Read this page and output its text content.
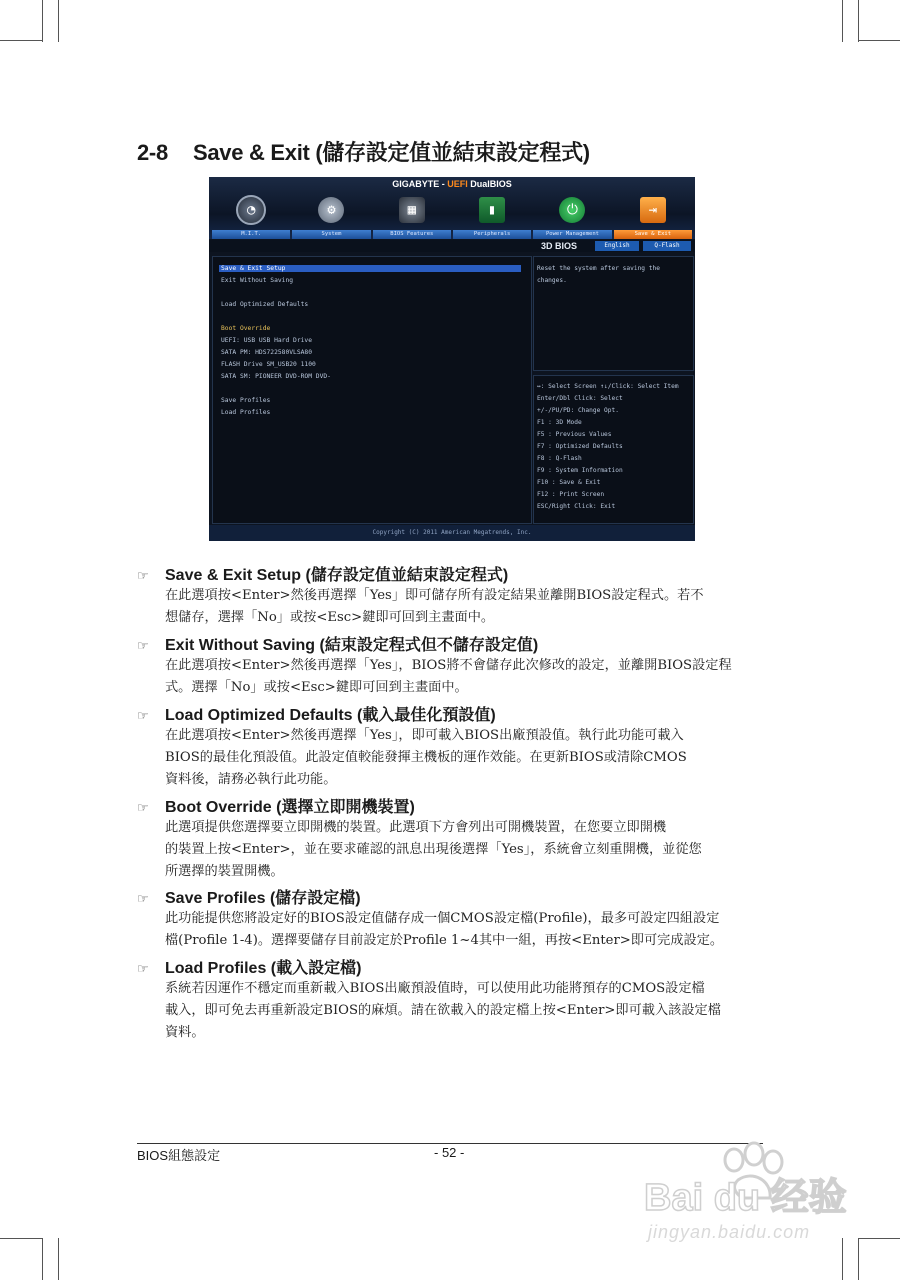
2-8 Save & Exit (儲存設定值並結束設定程式)
GIGABYTE - UEFI DualBIOS
◔	⚙	▦	▮	⏻	⇥
M.I.T.	System	BIOS Features	Peripherals	Power Management	Save & Exit
3D BIOS	English	Q-Flash
Save & Exit Setup
Exit Without Saving
Load Optimized Defaults
Boot Override
UEFI: USB USB Hard Drive
SATA PM: HDS722580VLSA80
FLASH Drive SM_USB20 1100
SATA SM: PIONEER DVD-ROM DVD-
Save Profiles
Load Profiles
Reset the system after saving the
changes.
↔: Select Screen ↑↓/Click: Select Item
Enter/Dbl Click: Select
+/-/PU/PD: Change Opt.
F1 : 3D Mode
F5 : Previous Values
F7 : Optimized Defaults
F8 : Q-Flash
F9 : System Information
F10 : Save & Exit
F12 : Print Screen
ESC/Right Click: Exit
Copyright (C) 2011 American Megatrends, Inc.
☞ Save & Exit Setup (儲存設定值並結束設定程式)
在此選項按<Enter>然後再選擇「Yes」即可儲存所有設定結果並離開BIOS設定程式。若不
想儲存，選擇「No」或按<Esc>鍵即可回到主畫面中。
☞ Exit Without Saving (結束設定程式但不儲存設定值)
在此選項按<Enter>然後再選擇「Yes」，BIOS將不會儲存此次修改的設定，並離開BIOS設定程
式。選擇「No」或按<Esc>鍵即可回到主畫面中。
☞ Load Optimized Defaults (載入最佳化預設值)
在此選項按<Enter>然後再選擇「Yes」，即可載入BIOS出廠預設值。執行此功能可載入
BIOS的最佳化預設值。此設定值較能發揮主機板的運作效能。在更新BIOS或清除CMOS
資料後，請務必執行此功能。
☞ Boot Override (選擇立即開機裝置)
此選項提供您選擇要立即開機的裝置。此選項下方會列出可開機裝置，在您要立即開機
的裝置上按<Enter>，並在要求確認的訊息出現後選擇「Yes」，系統會立刻重開機，並從您
所選擇的裝置開機。
☞ Save Profiles (儲存設定檔)
此功能提供您將設定好的BIOS設定值儲存成一個CMOS設定檔(Profile)，最多可設定四組設定
檔(Profile 1-4)。選擇要儲存目前設定於Profile 1~4其中一組，再按<Enter>即可完成設定。
☞ Load Profiles (載入設定檔)
系統若因運作不穩定而重新載入BIOS出廠預設值時，可以使用此功能將預存的CMOS設定檔
載入，即可免去再重新設定BIOS的麻煩。請在欲載入的設定檔上按<Enter>即可載入該設定檔
資料。
BIOS組態設定	- 52 -
Bai du 经验
jingyan.baidu.com
